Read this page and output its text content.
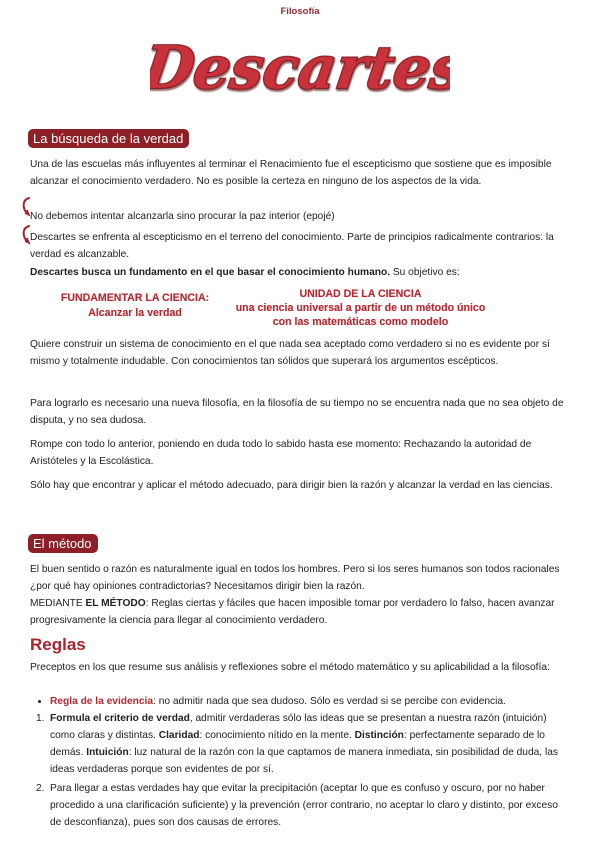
Filosofía
Descartes
La búsqueda de la verdad

Una de las escuelas más influyentes al terminar el Renacimiento fue el escepticismo que sostiene que es imposible alcanzar el conocimiento verdadero. No es posible la certeza en ninguno de los aspectos de la vida.

No debemos intentar alcanzarla sino procurar la paz interior (epojé)

Descartes se enfrenta al escepticismo en el terreno del conocimiento. Parte de principios radicalmente contrarios: la verdad es alcanzable.

Descartes busca un fundamento en el que basar el conocimiento humano. Su objetivo es:

FUNDAMENTAR LA CIENCIA: Alcanzar la verdad
UNIDAD DE LA CIENCIA
una ciencia universal a partir de un método único con las matemáticas como modelo

Quiere construir un sistema de conocimiento en el que nada sea aceptado como verdadero si no es evidente por sí mismo y totalmente indudable. Con conocimientos tan sólidos que superará los argumentos escépticos.

Para lograrlo es necesario una nueva filosofía, en la filosofía de su tiempo no se encuentra nada que no sea objeto de disputa, y no sea dudosa.

Rompe con todo lo anterior, poniendo en duda todo lo sabido hasta ese momento: Rechazando la autoridad de Aristóteles y la Escolástica.

Sólo hay que encontrar y aplicar el método adecuado, para dirigir bien la razón y alcanzar la verdad en las ciencias.

El método

El buen sentido o razón es naturalmente igual en todos los hombres. Pero si los seres humanos son todos racionales ¿por qué hay opiniones contradictorias? Necesitamos dirigir bien la razón.

MEDIANTE EL MÉTODO: Reglas ciertas y fáciles que hacen imposible tomar por verdadero lo falso, hacen avanzar progresivamente la ciencia para llegar al conocimiento verdadero.

Reglas

Preceptos en los que resume sus análisis y reflexiones sobre el método matemático y su aplicabilidad a la filosofía:

• Regla de la evidencia: no admitir nada que sea dudoso. Sólo es verdad si se percibe con evidencia.
1. Formula el criterio de verdad, admitir verdaderas sólo las ideas que se presentan a nuestra razón (intuición) como claras y distintas. Claridad: conocimiento nítido en la mente. Distinción: perfectamente separado de lo demás. Intuición: luz natural de la razón con la que captamos de manera inmediata, sin posibilidad de duda, las ideas verdaderas porque son evidentes de por sí.

2. Para llegar a estas verdades hay que evitar la precipitación (aceptar lo que es confuso y oscuro, por no haber procedido a una clarificación suficiente) y la prevención (error contrario, no aceptar lo claro y distinto, por exceso de desconfianza), pues son dos causas de errores.
